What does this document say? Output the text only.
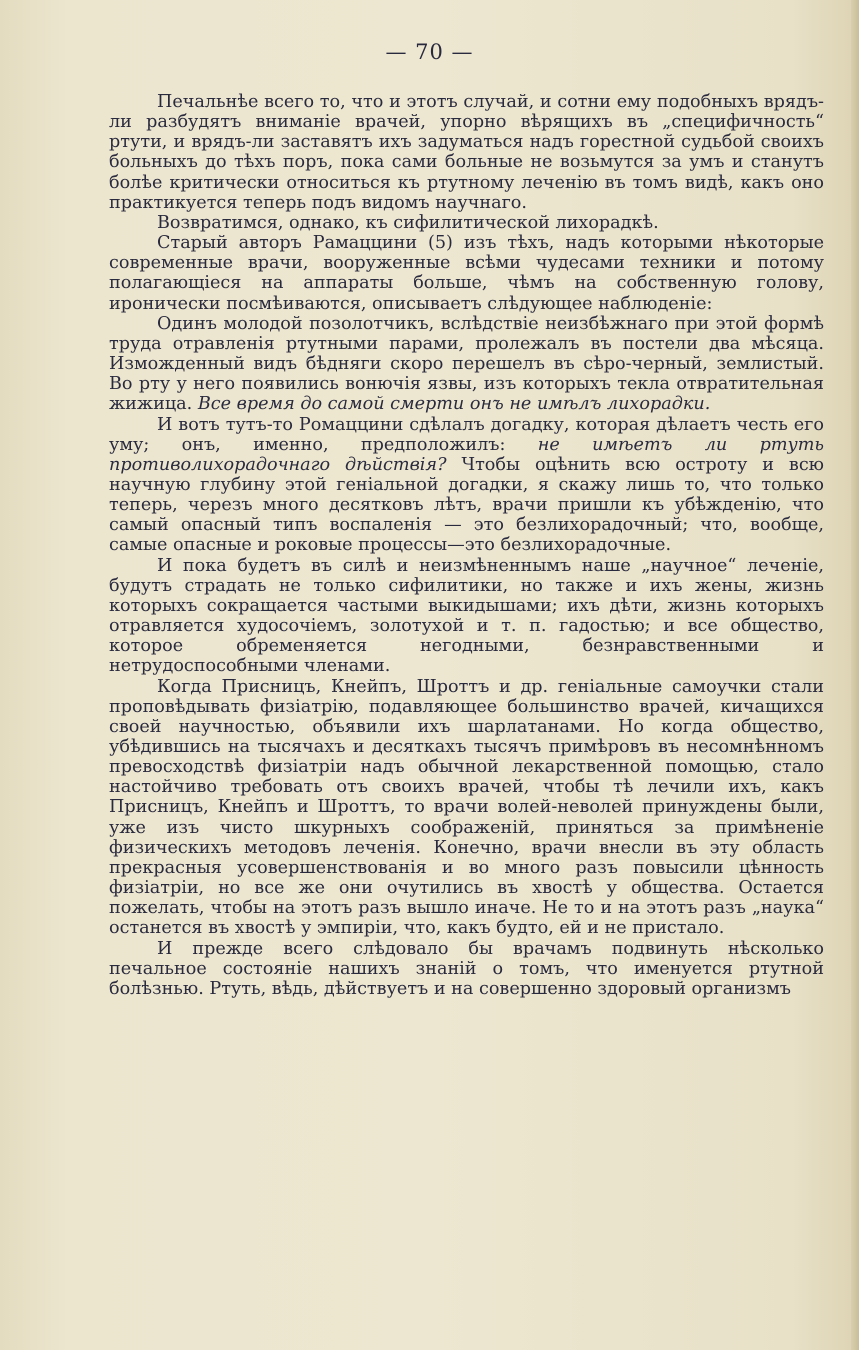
— 70 —

Печальнѣе всего то, что и этотъ случай, и сотни ему подобныхъ врядъ-ли разбудятъ вниманіе врачей, упорно вѣрящихъ въ „специфичность“ ртути, и врядъ-ли заставятъ ихъ задуматься надъ горестной судьбой своихъ больныхъ до тѣхъ поръ, пока сами больные не возьмутся за умъ и станутъ болѣе критически относиться къ ртутному леченію въ томъ видѣ, какъ оно практикуется теперь подъ видомъ научнаго.

Возвратимся, однако, къ сифилитической лихорадкѣ.

Старый авторъ Рамаццини (5) изъ тѣхъ, надъ которыми нѣкоторые современные врачи, вооруженные всѣми чудесами техники и потому полагающіеся на аппараты больше, чѣмъ на собственную голову, иронически посмѣиваются, описываетъ слѣдующее наблюденіе:

Одинъ молодой позолотчикъ, вслѣдствіе неизбѣжнаго при этой формѣ труда отравленія ртутными парами, пролежалъ въ постели два мѣсяца. Изможденный видъ бѣдняги скоро перешелъ въ сѣро-черный, землистый. Во рту у него появились вонючія язвы, изъ которыхъ текла отвратительная жижица. Все время до самой смерти онъ не имѣлъ лихорадки.

И вотъ тутъ-то Ромаццини сдѣлалъ догадку, которая дѣлаетъ честь его уму; онъ, именно, предположилъ: не имѣетъ ли ртуть противолихорадочнаго дѣйствія? Чтобы оцѣнить всю остроту и всю научную глубину этой геніальной догадки, я скажу лишь то, что только теперь, черезъ много десятковъ лѣтъ, врачи пришли къ убѣжденію, что самый опасный типъ воспаленія — это безлихорадочный; что, вообще, самые опасные и роковые процессы—это безлихорадочные.

И пока будетъ въ силѣ и неизмѣненнымъ наше „научное“ леченіе, будутъ страдать не только сифилитики, но также и ихъ жены, жизнь которыхъ сокращается частыми выкидышами; ихъ дѣти, жизнь которыхъ отравляется худосочіемъ, золотухой и т. п. гадостью; и все общество, которое обременяется негодными, безнравственными и нетрудоспособными членами.

Когда Присницъ, Кнейпъ, Шроттъ и др. геніальные самоучки стали проповѣдывать физіатрію, подавляющее большинство врачей, кичащихся своей научностью, объявили ихъ шарлатанами. Но когда общество, убѣдившись на тысячахъ и десяткахъ тысячъ примѣровъ въ несомнѣнномъ превосходствѣ физіатріи надъ обычной лекарственной помощью, стало настойчиво требовать отъ своихъ врачей, чтобы тѣ лечили ихъ, какъ Присницъ, Кнейпъ и Шроттъ, то врачи волей-неволей принуждены были, уже изъ чисто шкурныхъ соображеній, приняться за примѣненіе физическихъ методовъ леченія. Конечно, врачи внесли въ эту область прекрасныя усовершенствованія и во много разъ повысили цѣнность физіатріи, но все же они очутились въ хвостѣ у общества. Остается пожелать, чтобы на этотъ разъ вышло иначе. Не то и на этотъ разъ „наука“ останется въ хвостѣ у эмпиріи, что, какъ будто, ей и не пристало.

И прежде всего слѣдовало бы врачамъ подвинуть нѣсколько печальное состояніе нашихъ знаній о томъ, что именуется ртутной болѣзнью. Ртуть, вѣдь, дѣйствуетъ и на совершенно здоровый организмъ
